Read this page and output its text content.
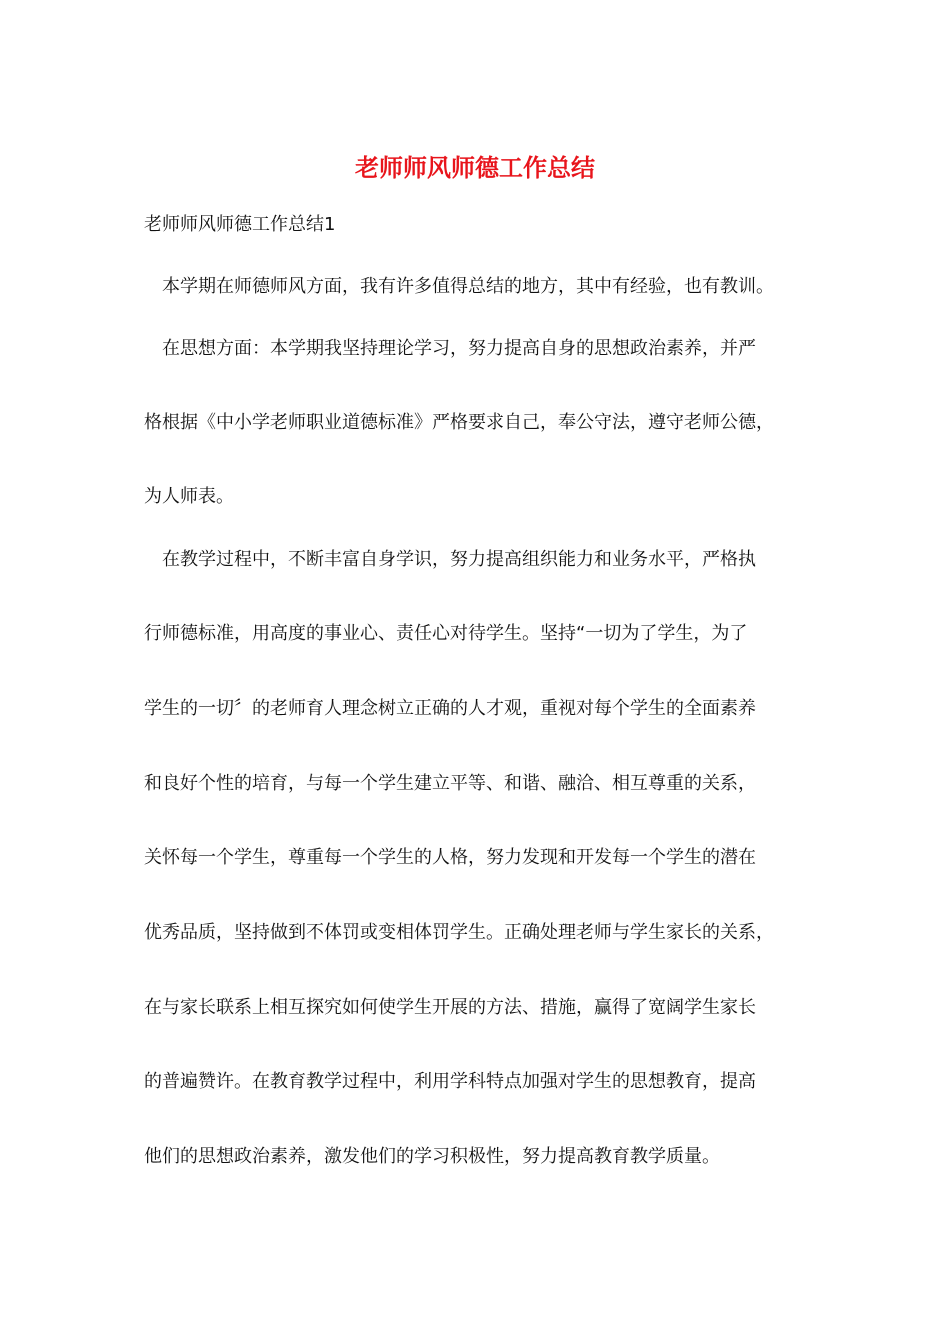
老师师风师德工作总结

老师师风师德工作总结1

本学期在师德师风方面，我有许多值得总结的地方，其中有经验，也有教训。

在思想方面：本学期我坚持理论学习，努力提高自身的思想政治素养，并严

格根据《中小学老师职业道德标准》严格要求自己，奉公守法，遵守老师公德，

为人师表。

在教学过程中，不断丰富自身学识，努力提高组织能力和业务水平，严格执

行师德标准，用高度的事业心、责任心对待学生。坚持“一切为了学生，为了

学生的一切〞的老师育人理念树立正确的人才观，重视对每个学生的全面素养

和良好个性的培育，与每一个学生建立平等、和谐、融洽、相互尊重的关系，

关怀每一个学生，尊重每一个学生的人格，努力发现和开发每一个学生的潜在

优秀品质，坚持做到不体罚或变相体罚学生。正确处理老师与学生家长的关系，

在与家长联系上相互探究如何使学生开展的方法、措施，赢得了宽阔学生家长

的普遍赞许。在教育教学过程中，利用学科特点加强对学生的思想教育，提高

他们的思想政治素养，激发他们的学习积极性，努力提高教育教学质量。
